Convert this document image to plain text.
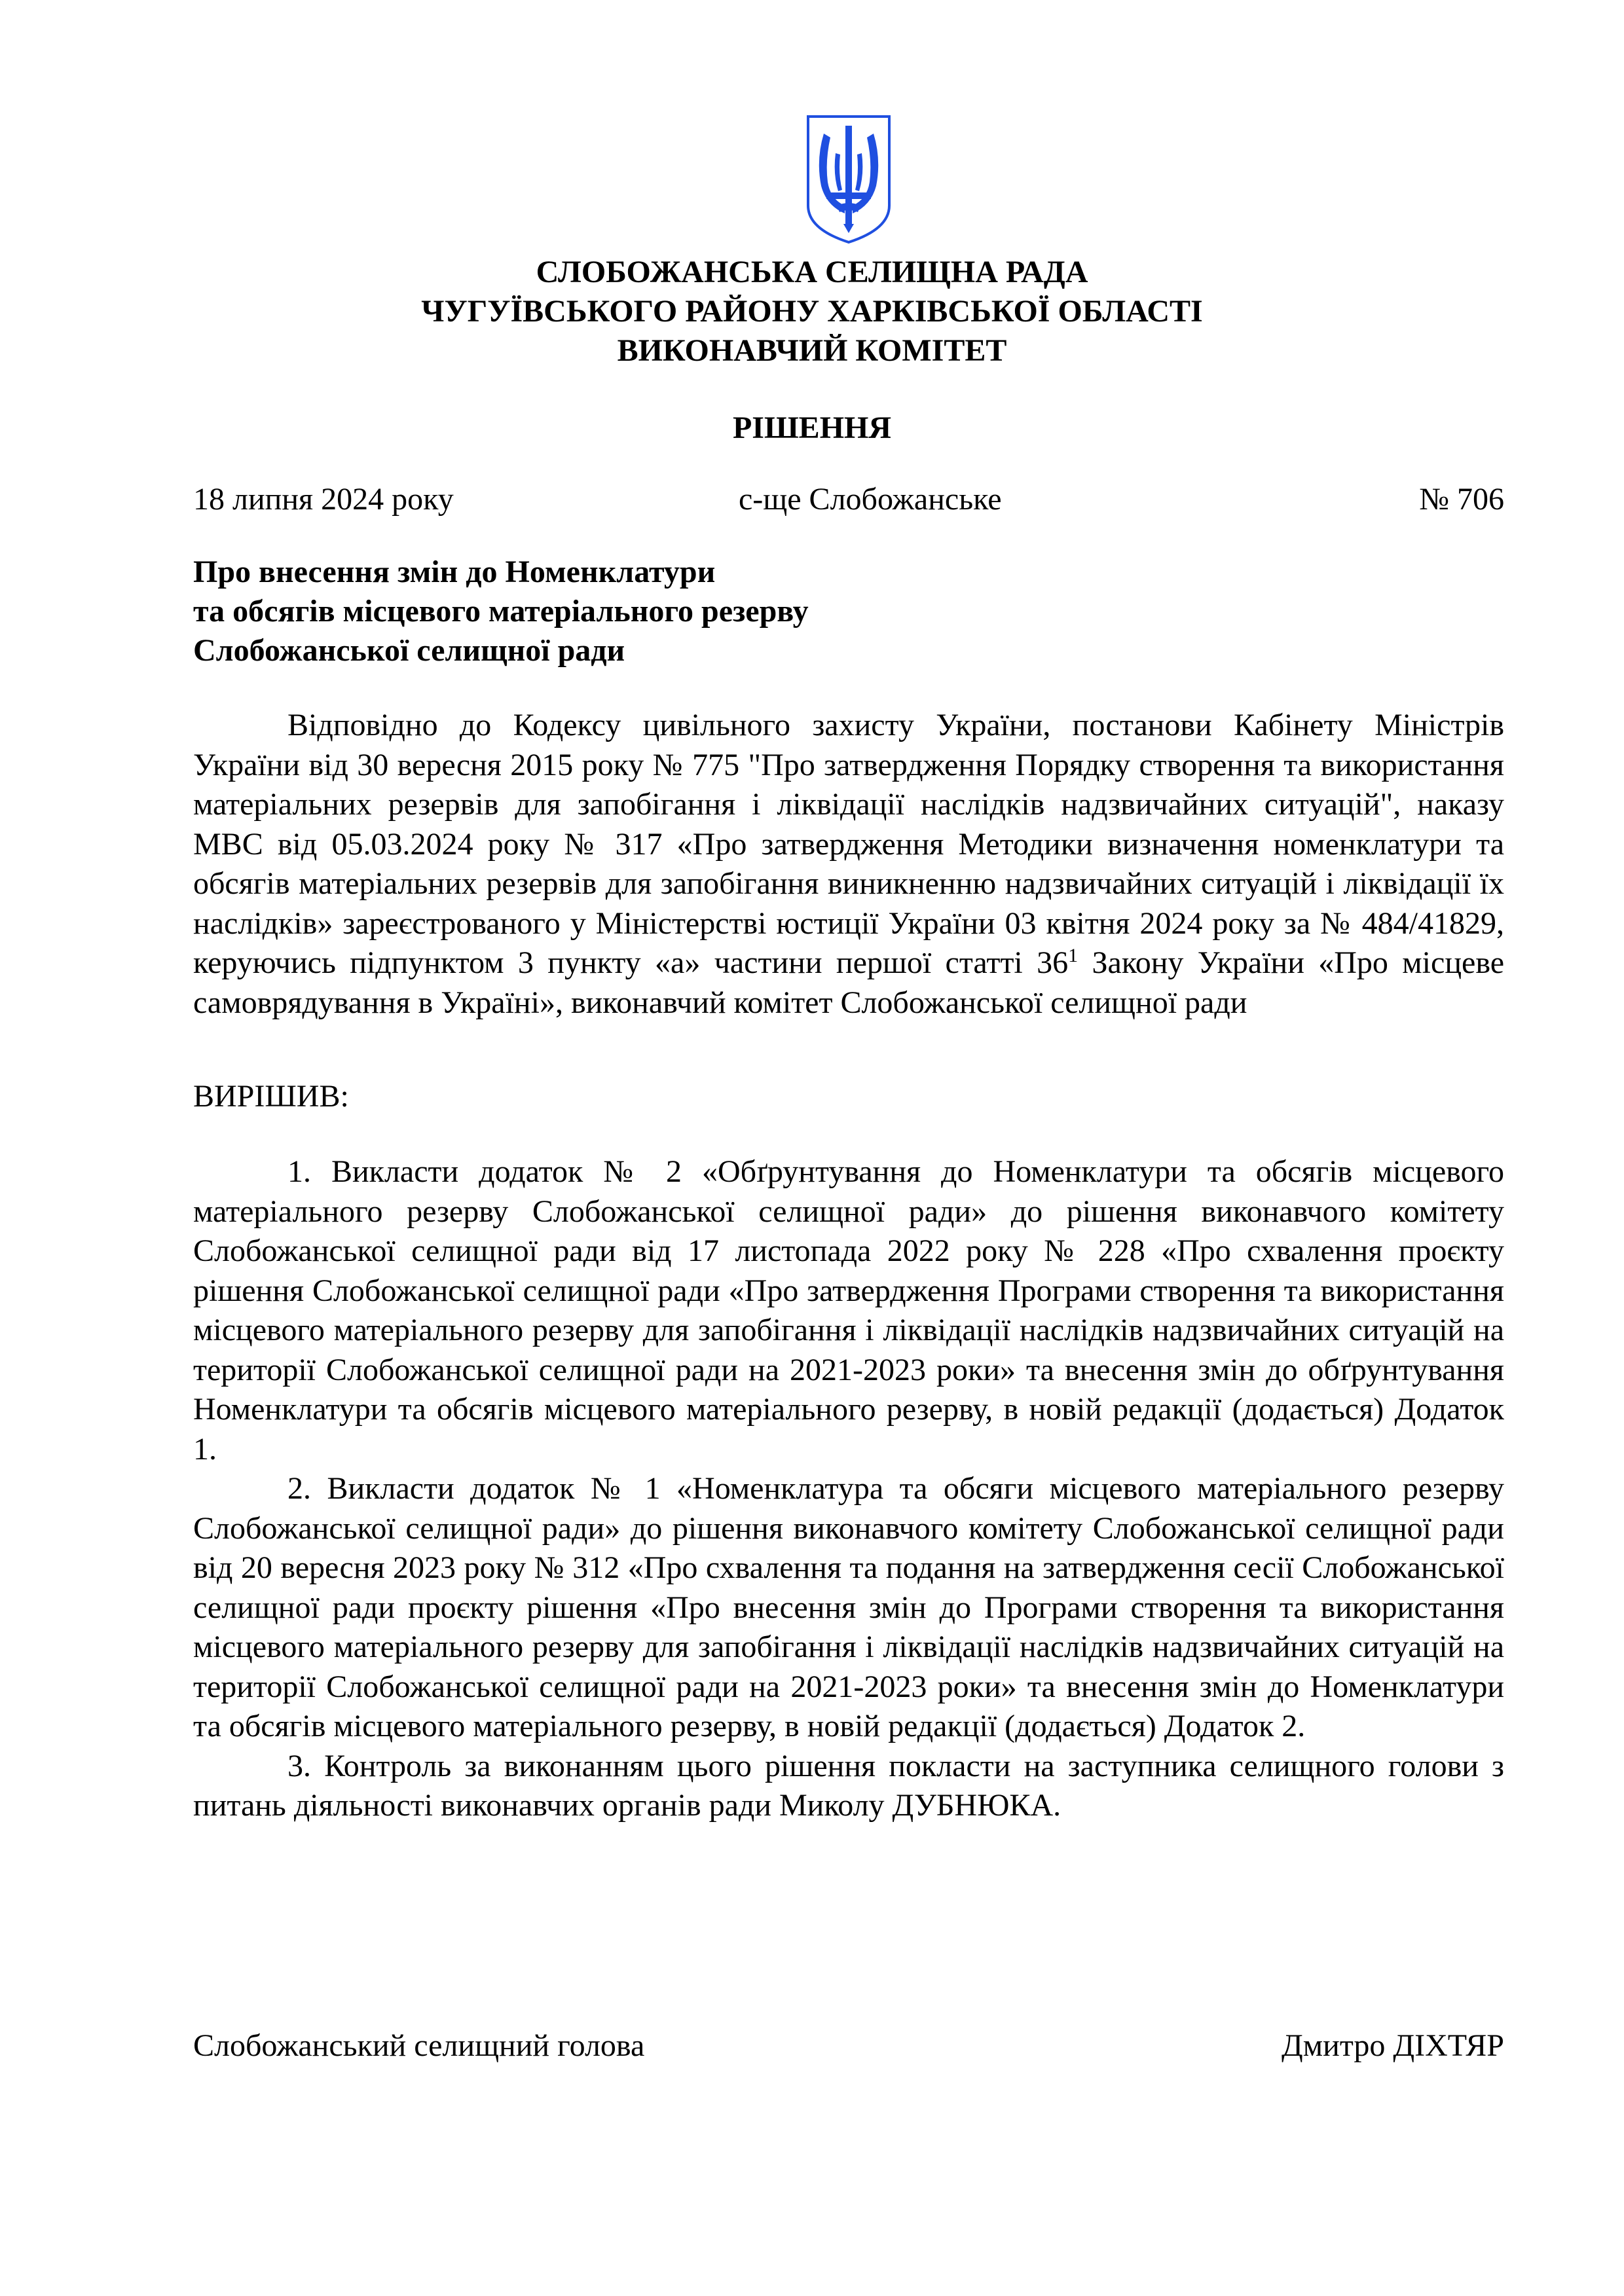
СЛОБОЖАНСЬКА СЕЛИЩНА РАДА
ЧУГУЇВСЬКОГО РАЙОНУ ХАРКІВСЬКОЇ ОБЛАСТІ
ВИКОНАВЧИЙ КОМІТЕТ
РІШЕННЯ
18 липня 2024 року	с-ще Слобожанське	№ 706
Про внесення змін до Номенклатури
та обсягів місцевого матеріального резерву
Слобожанської селищної ради

Відповідно до Кодексу цивільного захисту України, постанови Кабінету Міністрів України від 30 вересня 2015 року № 775 "Про затвердження Порядку створення та використання матеріальних резервів для запобігання і ліквідації наслідків надзвичайних ситуацій", наказу МВС від 05.03.2024 року № 317 «Про затвердження Методики визначення номенклатури та обсягів матеріальних резервів для запобігання виникненню надзвичайних ситуацій і ліквідації їх наслідків» зареєстрованого у Міністерстві юстиції України 03 квітня 2024 року за № 484/41829, керуючись підпунктом 3 пункту «а» частини першої статті $36^1$ Закону України «Про місцеве самоврядування в Україні», виконавчий комітет Слобожанської селищної ради

ВИРІШИВ:

1. Викласти додаток № 2 «Обґрунтування до Номенклатури та обсягів місцевого матеріального резерву Слобожанської селищної ради» до рішення виконавчого комітету Слобожанської селищної ради від 17 листопада 2022 року № 228 «Про схвалення проєкту рішення Слобожанської селищної ради «Про затвердження Програми створення та використання місцевого матеріального резерву для запобігання і ліквідації наслідків надзвичайних ситуацій на території Слобожанської селищної ради на 2021-2023 роки» та внесення змін до обґрунтування Номенклатури та обсягів місцевого матеріального резерву, в новій редакції (додається) Додаток 1.

2. Викласти додаток № 1 «Номенклатура та обсяги місцевого матеріального резерву Слобожанської селищної ради» до рішення виконавчого комітету Слобожанської селищної ради від 20 вересня 2023 року № 312 «Про схвалення та подання на затвердження сесії Слобожанської селищної ради проєкту рішення «Про внесення змін до Програми створення та використання місцевого матеріального резерву для запобігання і ліквідації наслідків надзвичайних ситуацій на території Слобожанської селищної ради на 2021-2023 роки» та внесення змін до Номенклатури та обсягів місцевого матеріального резерву, в новій редакції (додається) Додаток 2.

3. Контроль за виконанням цього рішення покласти на заступника селищного голови з питань діяльності виконавчих органів ради Миколу ДУБНЮКА.

Слобожанський селищний голова	Дмитро ДІХТЯР
